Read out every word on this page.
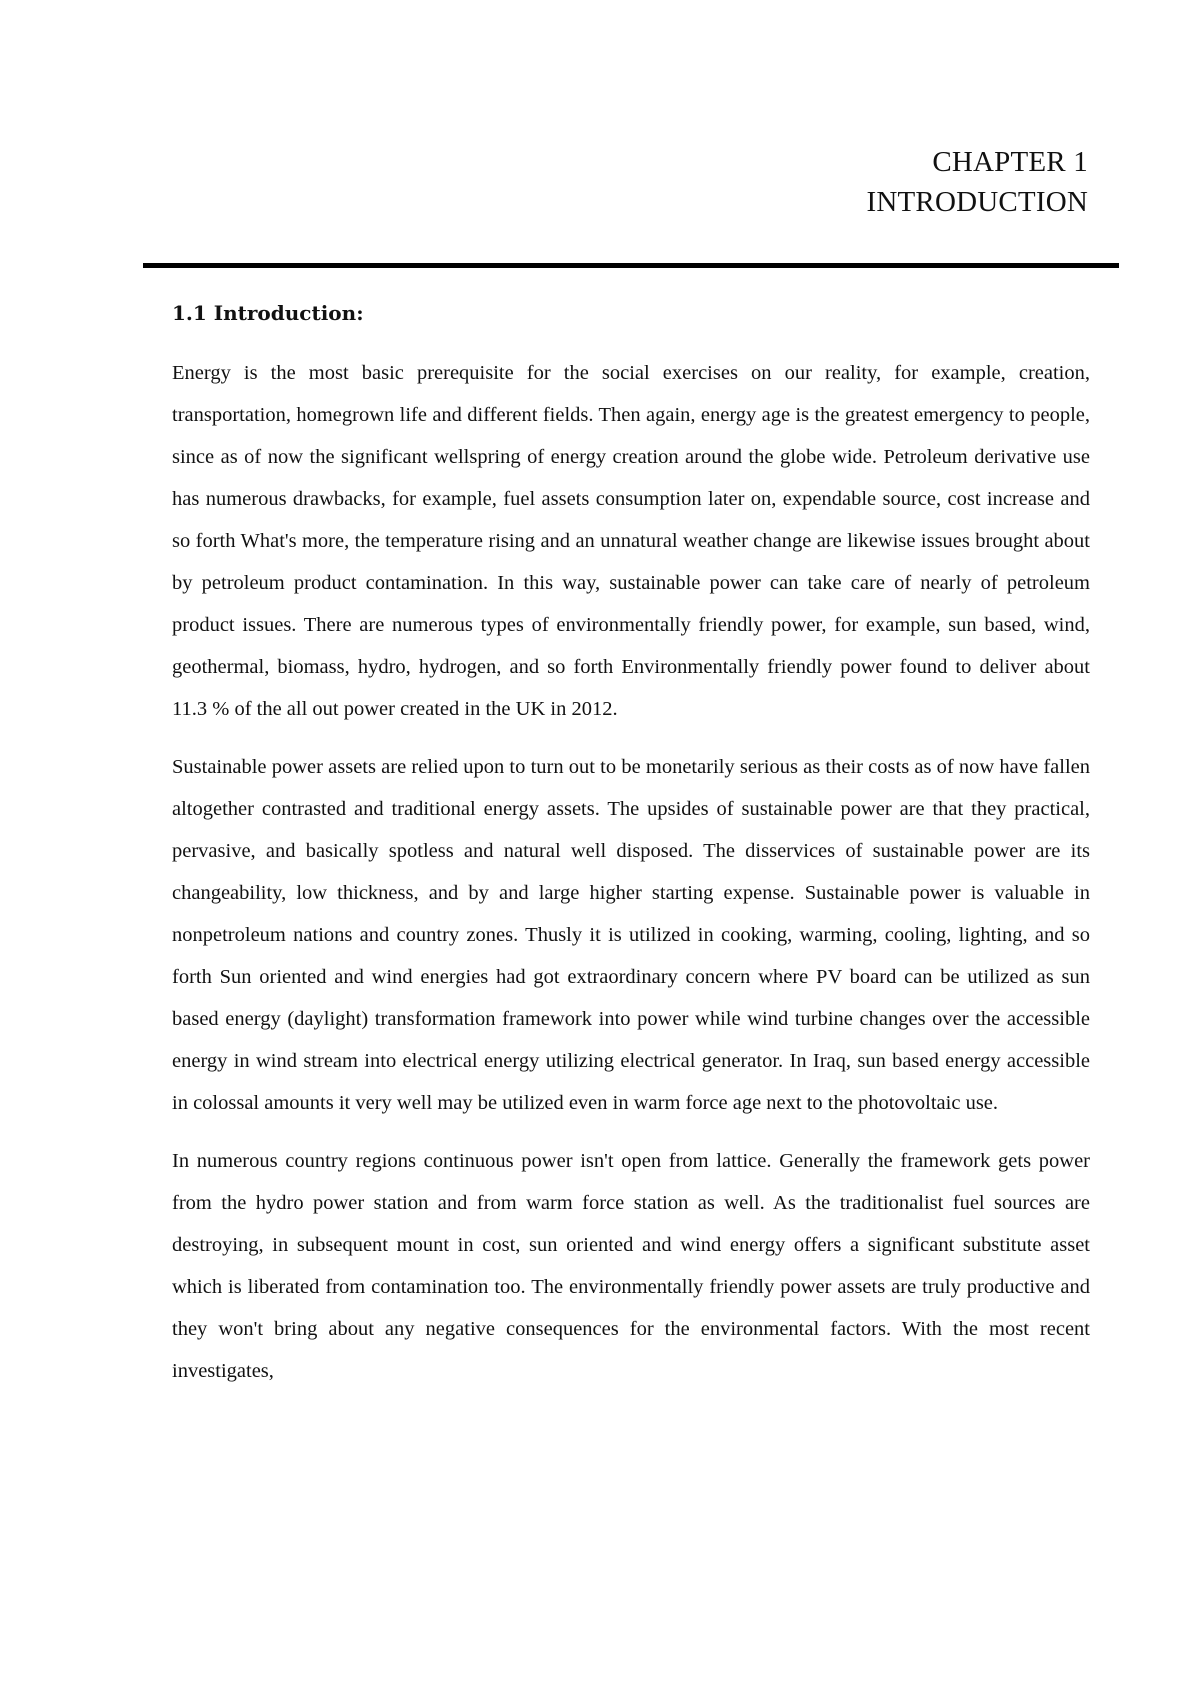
CHAPTER 1
INTRODUCTION
1.1 Introduction:

Energy is the most basic prerequisite for the social exercises on our reality, for example, creation, transportation, homegrown life and different fields. Then again, energy age is the greatest emergency to people, since as of now the significant wellspring of energy creation around the globe wide. Petroleum derivative use has numerous drawbacks, for example, fuel assets consumption later on, expendable source, cost increase and so forth What's more, the temperature rising and an unnatural weather change are likewise issues brought about by petroleum product contamination. In this way, sustainable power can take care of nearly of petroleum product issues. There are numerous types of environmentally friendly power, for example, sun based, wind, geothermal, biomass, hydro, hydrogen, and so forth Environmentally friendly power found to deliver about 11.3 % of the all out power created in the UK in 2012.

Sustainable power assets are relied upon to turn out to be monetarily serious as their costs as of now have fallen altogether contrasted and traditional energy assets. The upsides of sustainable power are that they practical, pervasive, and basically spotless and natural well disposed. The disservices of sustainable power are its changeability, low thickness, and by and large higher starting expense. Sustainable power is valuable in nonpetroleum nations and country zones. Thusly it is utilized in cooking, warming, cooling, lighting, and so forth Sun oriented and wind energies had got extraordinary concern where PV board can be utilized as sun based energy (daylight) transformation framework into power while wind turbine changes over the accessible energy in wind stream into electrical energy utilizing electrical generator. In Iraq, sun based energy accessible in colossal amounts it very well may be utilized even in warm force age next to the photovoltaic use.

In numerous country regions continuous power isn't open from lattice. Generally the framework gets power from the hydro power station and from warm force station as well. As the traditionalist fuel sources are destroying, in subsequent mount in cost, sun oriented and wind energy offers a significant substitute asset which is liberated from contamination too. The environmentally friendly power assets are truly productive and they won't bring about any negative consequences for the environmental factors. With the most recent investigates,
